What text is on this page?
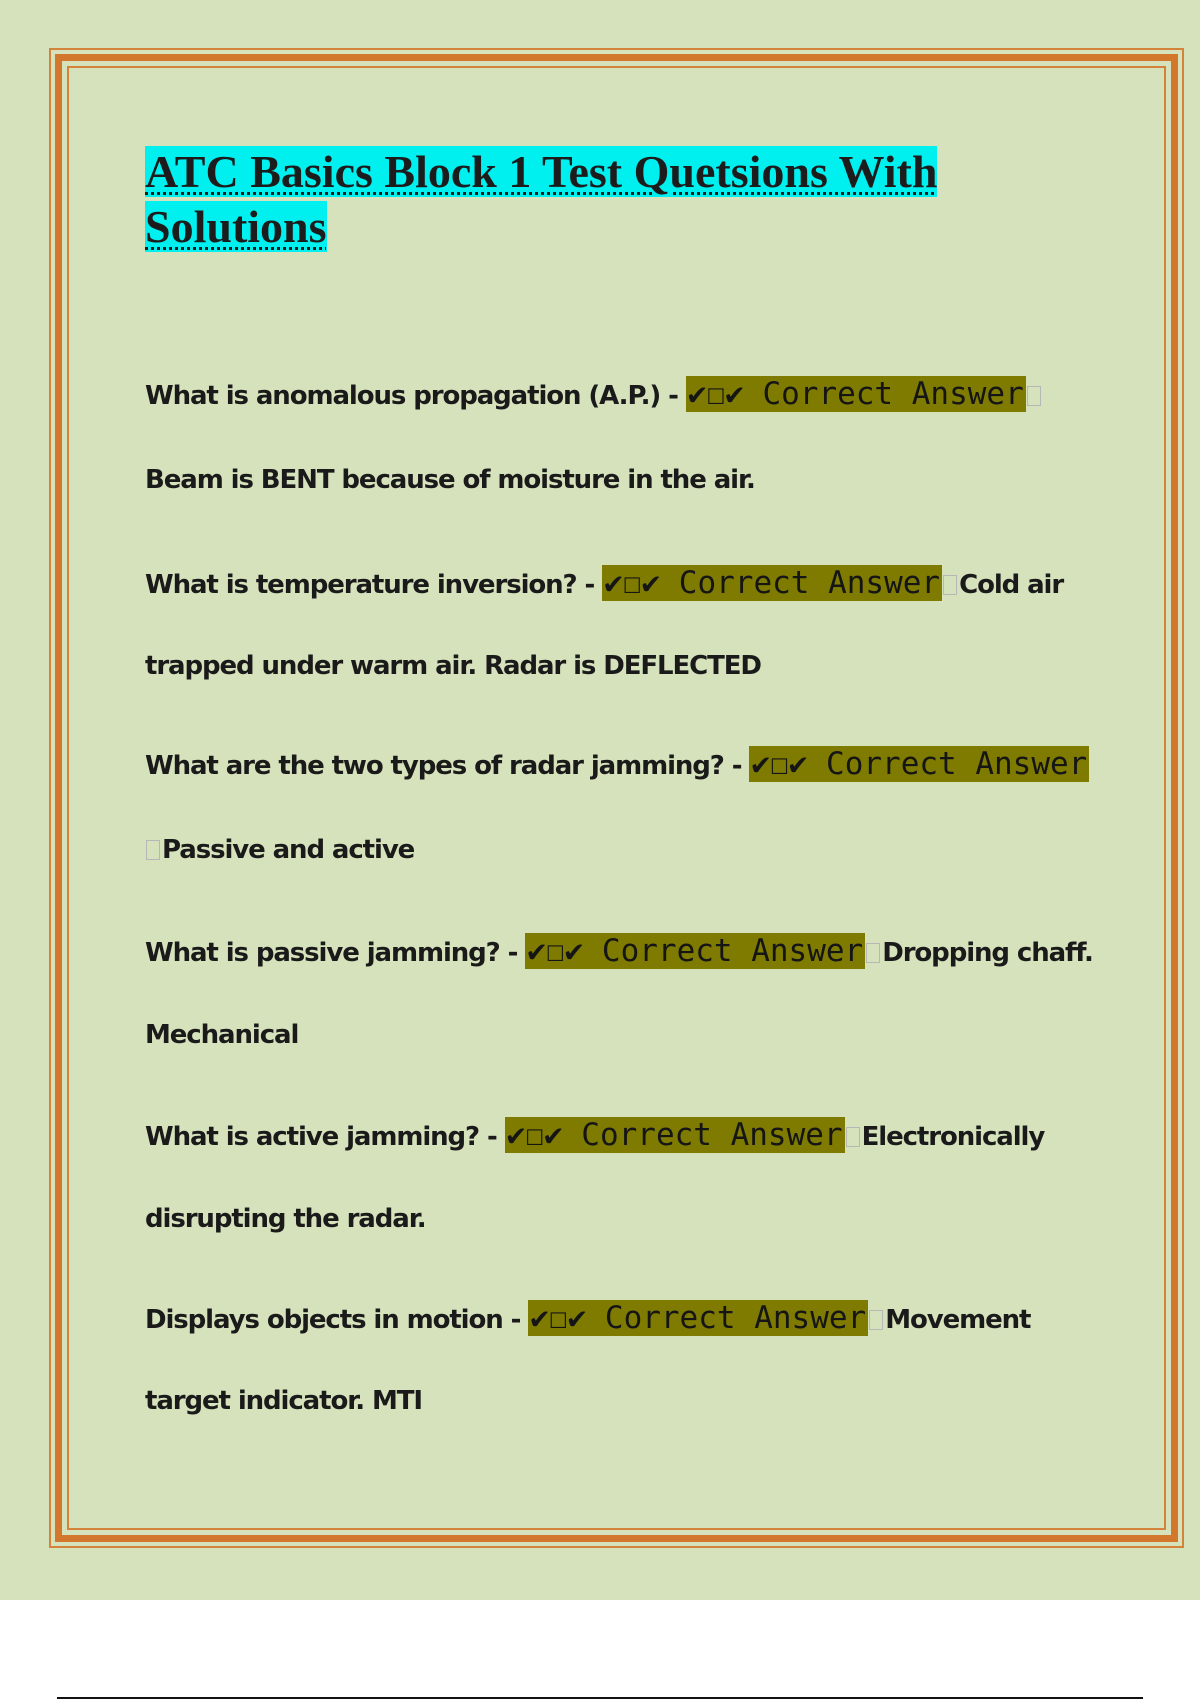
ATC Basics Block 1 Test Quetsions With Solutions

What is anomalous propagation (A.P.) - ✔☐✔ Correct AnswerBeam is BENT because of moisture in the air.

What is temperature inversion? - ✔☐✔ Correct Answer Cold air trapped under warm air. Radar is DEFLECTED

What are the two types of radar jamming? - ✔☐✔ Correct AnswerPassive and active

What is passive jamming? - ✔☐✔ Correct Answer Dropping chaff. Mechanical

What is active jamming? - ✔☐✔ Correct Answer Electronically disrupting the radar.

Displays objects in motion - ✔☐✔ Correct Answer Movement target indicator. MTI
